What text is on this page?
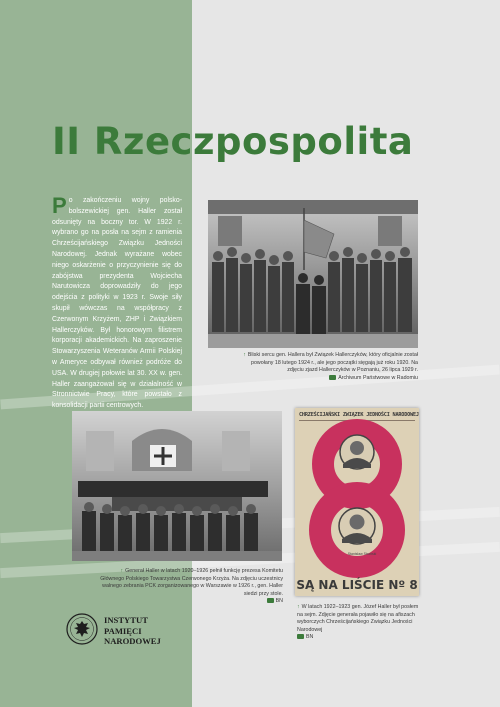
II Rzeczpospolita

Po zakończeniu wojny polsko-bolszewickiej gen. Haller został odsunięty na boczny tor. W 1922 r. wybrano go na posła na sejm z ramienia Chrześcijańskiego Związku Jedności Narodowej. Jednak wyrażane wobec niego oskarżenie o przyczynienie się do zabójstwa prezydenta Wojciecha Narutowicza doprowadziły do jego odejścia z polityki w 1923 r. Swoje siły skupił wówczas na współpracy z Czerwonym Krzyżem, ZHP i Związkiem Hallerczyków. Był honorowym filistrem korporacji akademickich. Na zaproszenie Stowarzyszenia Weteranów Armii Polskiej w Ameryce odbywał również podróże do USA. W drugiej połowie lat 30. XX w. gen. Haller zaangażował się w działalność w Stronnictwie Pracy, które powstało z konsolidacji partii centrowych.

↑ Bliski sercu gen. Hallera był Związek Hallerczyków, który oficjalnie został powołany 18 lutego 1924 r., ale jego początki sięgają już roku 1920. Na zdjęciu zjazd Hallerczyków w Poznaniu, 26 lipca 1929 r.
Archiwum Państwowe w Radomiu

↑ Generał Haller w latach 1920–1926 pełnił funkcję prezesa Komitetu Głównego Polskiego Towarzystwa Czerwonego Krzyża. Na zdjęciu uczestnicy walnego zebrania PCK zorganizowanego w Warszawie w 1926 r., gen. Haller siedzi przy stole.
BN

CHRZEŚCIJAŃSKI ZWIĄZEK JEDNOŚCI NARODOWEJ
SĄ NA LIŚCIE Nº 8
Stanisław Stroński

↑ W latach 1922–1923 gen. Józef Haller był posłem na sejm. Zdjęcie generała pojawiło się na afiszach wyborczych Chrześcijańskiego Związku Jedności Narodowej
BN

INSTYTUT
PAMIĘCI
NARODOWEJ
